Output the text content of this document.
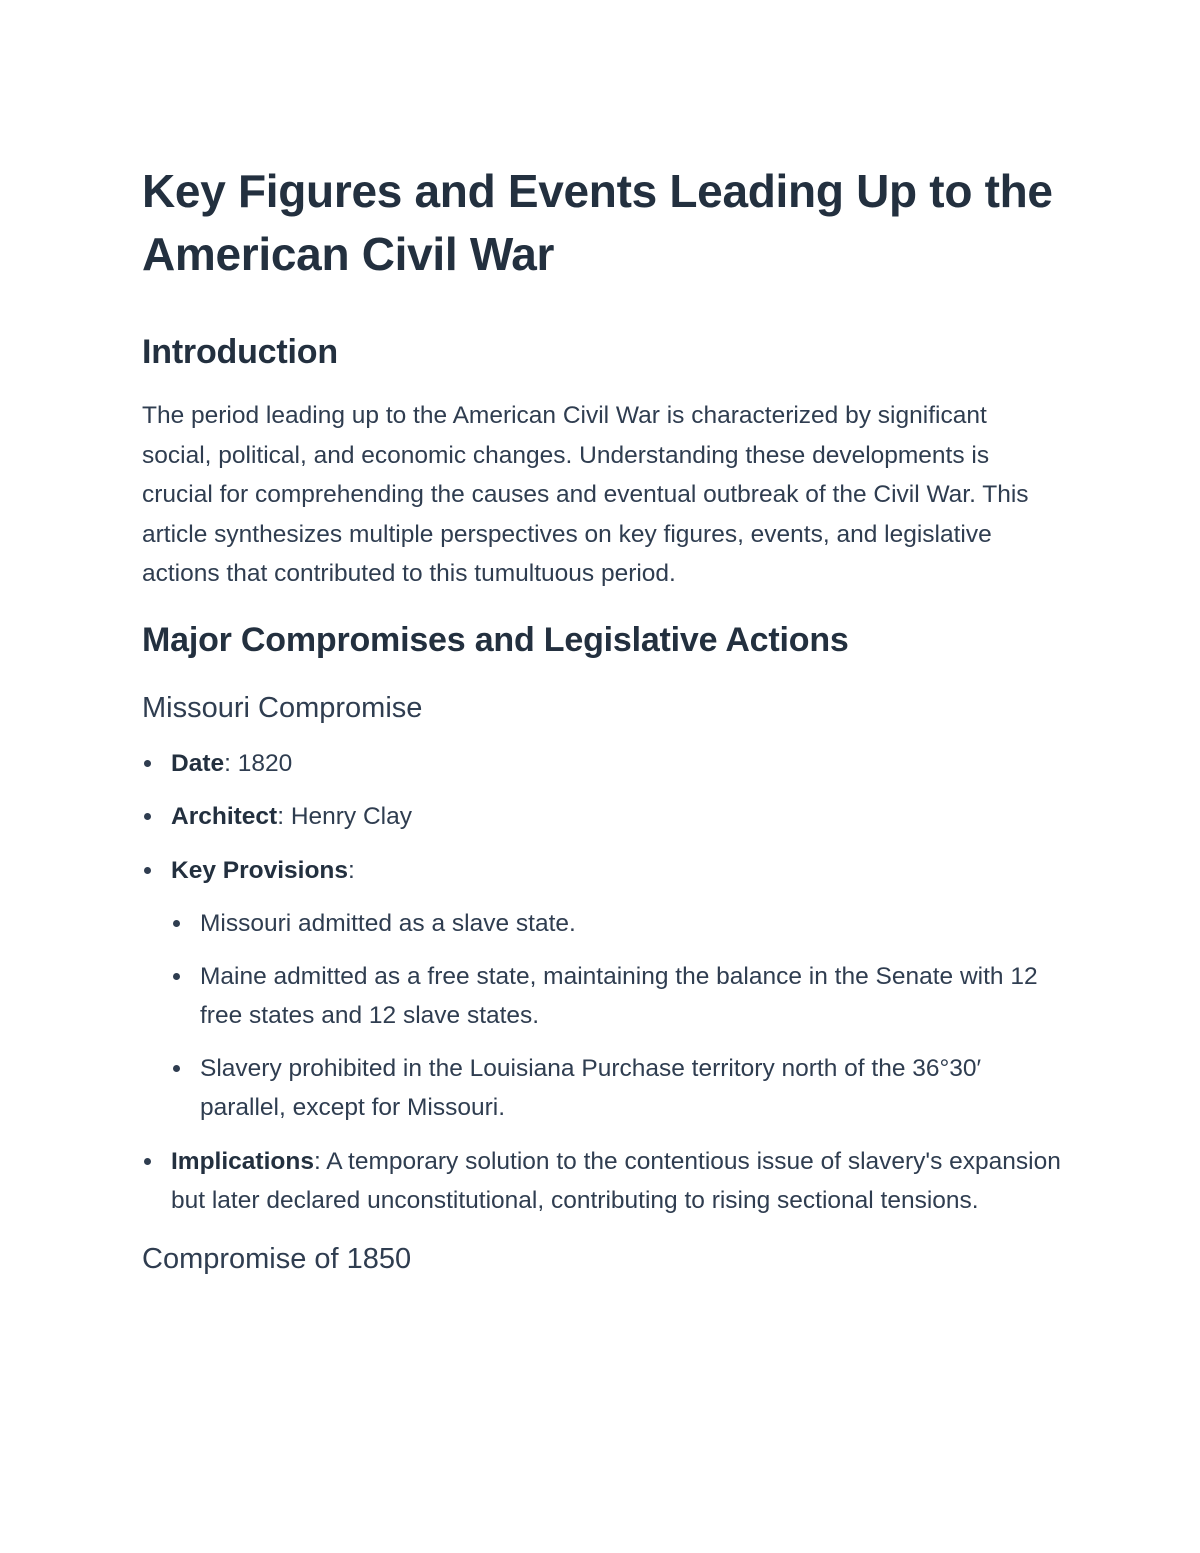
Key Figures and Events Leading Up to the American Civil War
Introduction

The period leading up to the American Civil War is characterized by significant social, political, and economic changes. Understanding these developments is crucial for comprehending the causes and eventual outbreak of the Civil War. This article synthesizes multiple perspectives on key figures, events, and legislative actions that contributed to this tumultuous period.

Major Compromises and Legislative Actions
Missouri Compromise
Date: 1820
Architect: Henry Clay
Key Provisions:
Missouri admitted as a slave state.
Maine admitted as a free state, maintaining the balance in the Senate with 12 free states and 12 slave states.
Slavery prohibited in the Louisiana Purchase territory north of the 36°30′ parallel, except for Missouri.
Implications: A temporary solution to the contentious issue of slavery's expansion but later declared unconstitutional, contributing to rising sectional tensions.
Compromise of 1850
